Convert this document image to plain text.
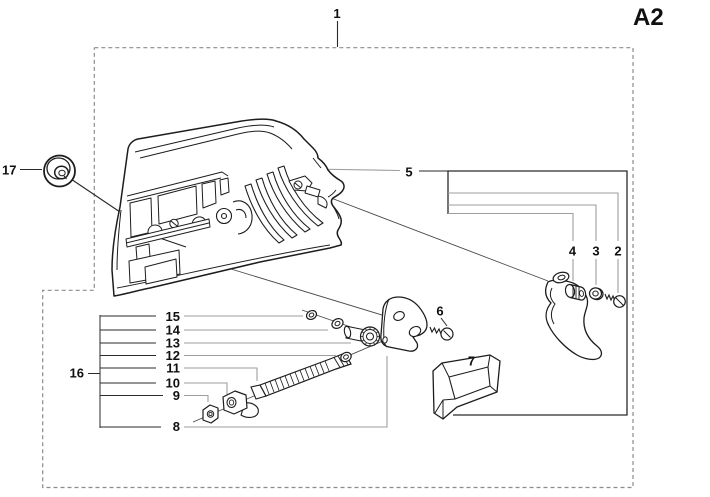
1
2
3
4
5
6
7
8
9
10
11
12
13
14
15
16
17
A2
